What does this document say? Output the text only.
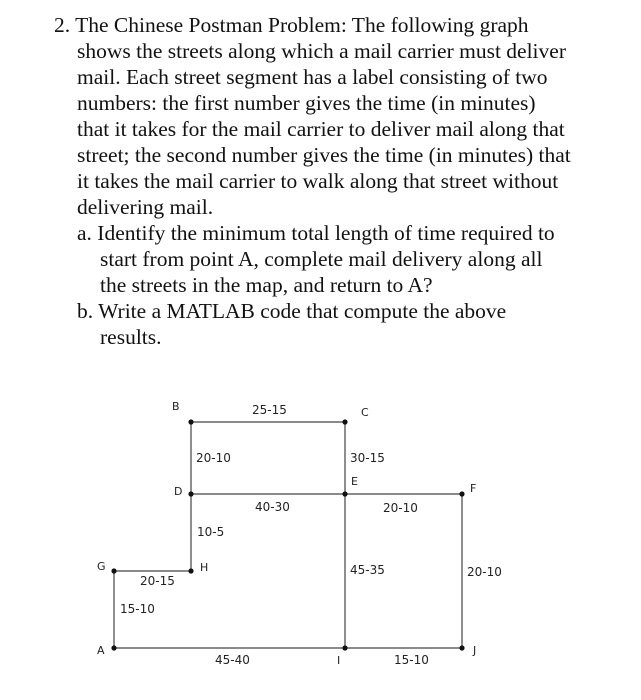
2. The Chinese Postman Problem: The following graph
shows the streets along which a mail carrier must deliver
mail. Each street segment has a label consisting of two
numbers: the first number gives the time (in minutes)
that it takes for the mail carrier to deliver mail along that
street; the second number gives the time (in minutes) that
it takes the mail carrier to walk along that street without
delivering mail.
a. Identify the minimum total length of time required to
start from point A, complete mail delivery along all
the streets in the map, and return to A?
b. Write a MATLAB code that compute the above
results.
B	C
D
E
F
G	H
A
I
J
25-15
20-10	30-15
40-30	20-10
10-5
20-15
45-35	20-10
15-10
45-40	15-10
